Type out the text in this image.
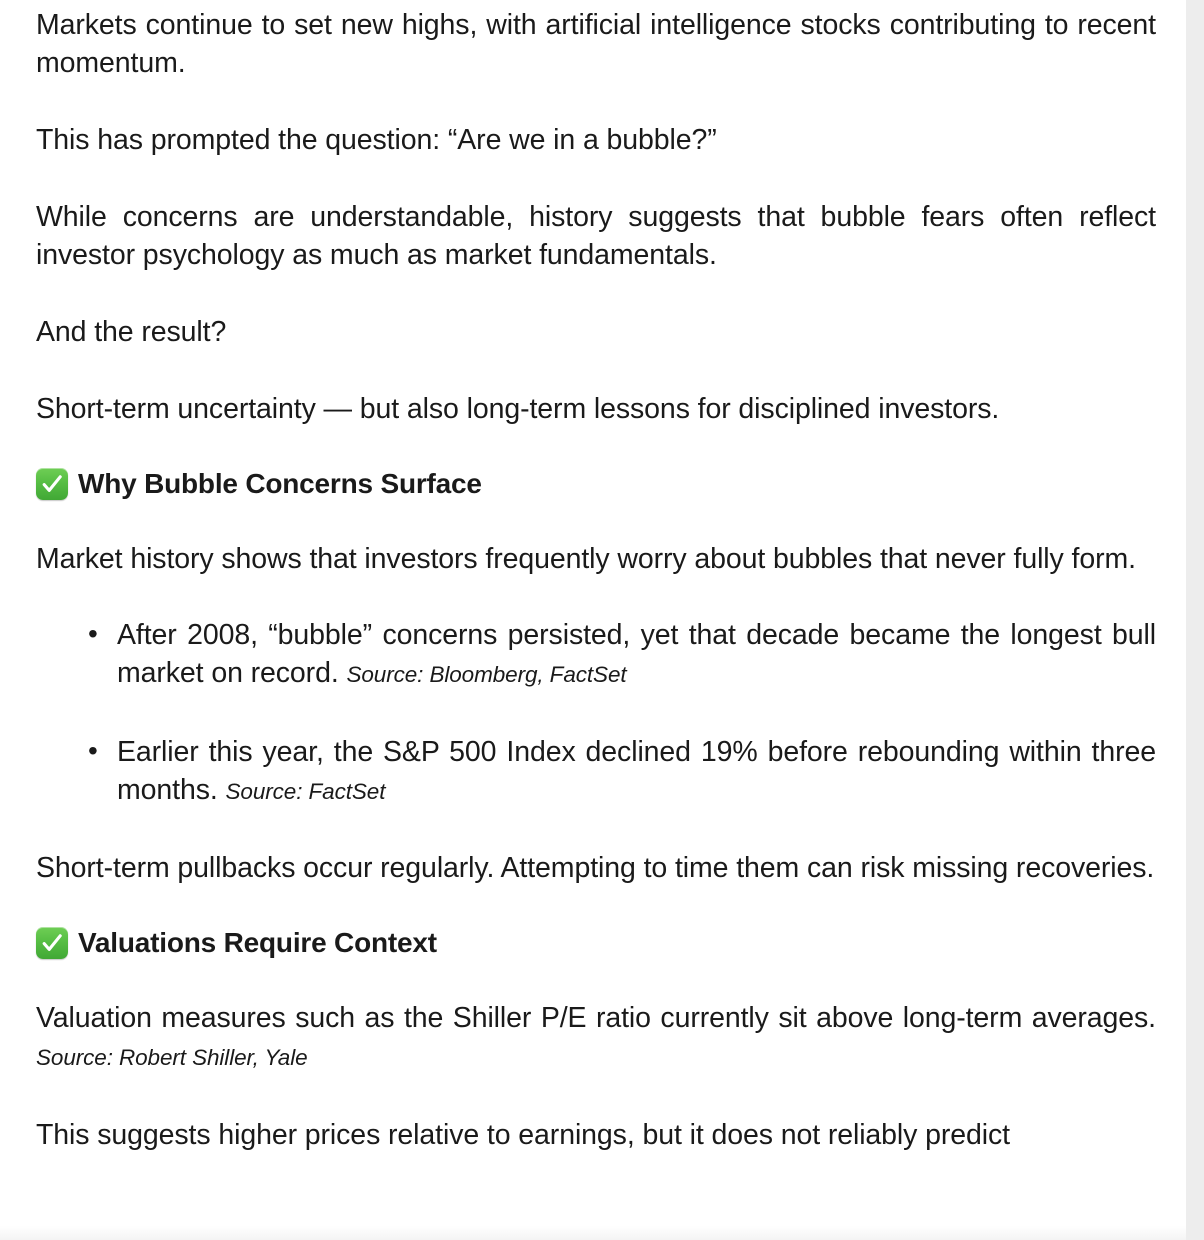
Markets continue to set new highs, with artificial intelligence stocks contributing to recent momentum.

This has prompted the question: “Are we in a bubble?”

While concerns are understandable, history suggests that bubble fears often reflect investor psychology as much as market fundamentals.

And the result?

Short-term uncertainty — but also long-term lessons for disciplined investors.

Why Bubble Concerns Surface

Market history shows that investors frequently worry about bubbles that never fully form.

• After 2008, “bubble” concerns persisted, yet that decade became the longest bull market on record. Source: Bloomberg, FactSet
• Earlier this year, the S&P 500 Index declined 19% before rebounding within three months. Source: FactSet

Short-term pullbacks occur regularly. Attempting to time them can risk missing recoveries.

Valuations Require Context

Valuation measures such as the Shiller P/E ratio currently sit above long-term averages. Source: Robert Shiller, Yale

This suggests higher prices relative to earnings, but it does not reliably predict
